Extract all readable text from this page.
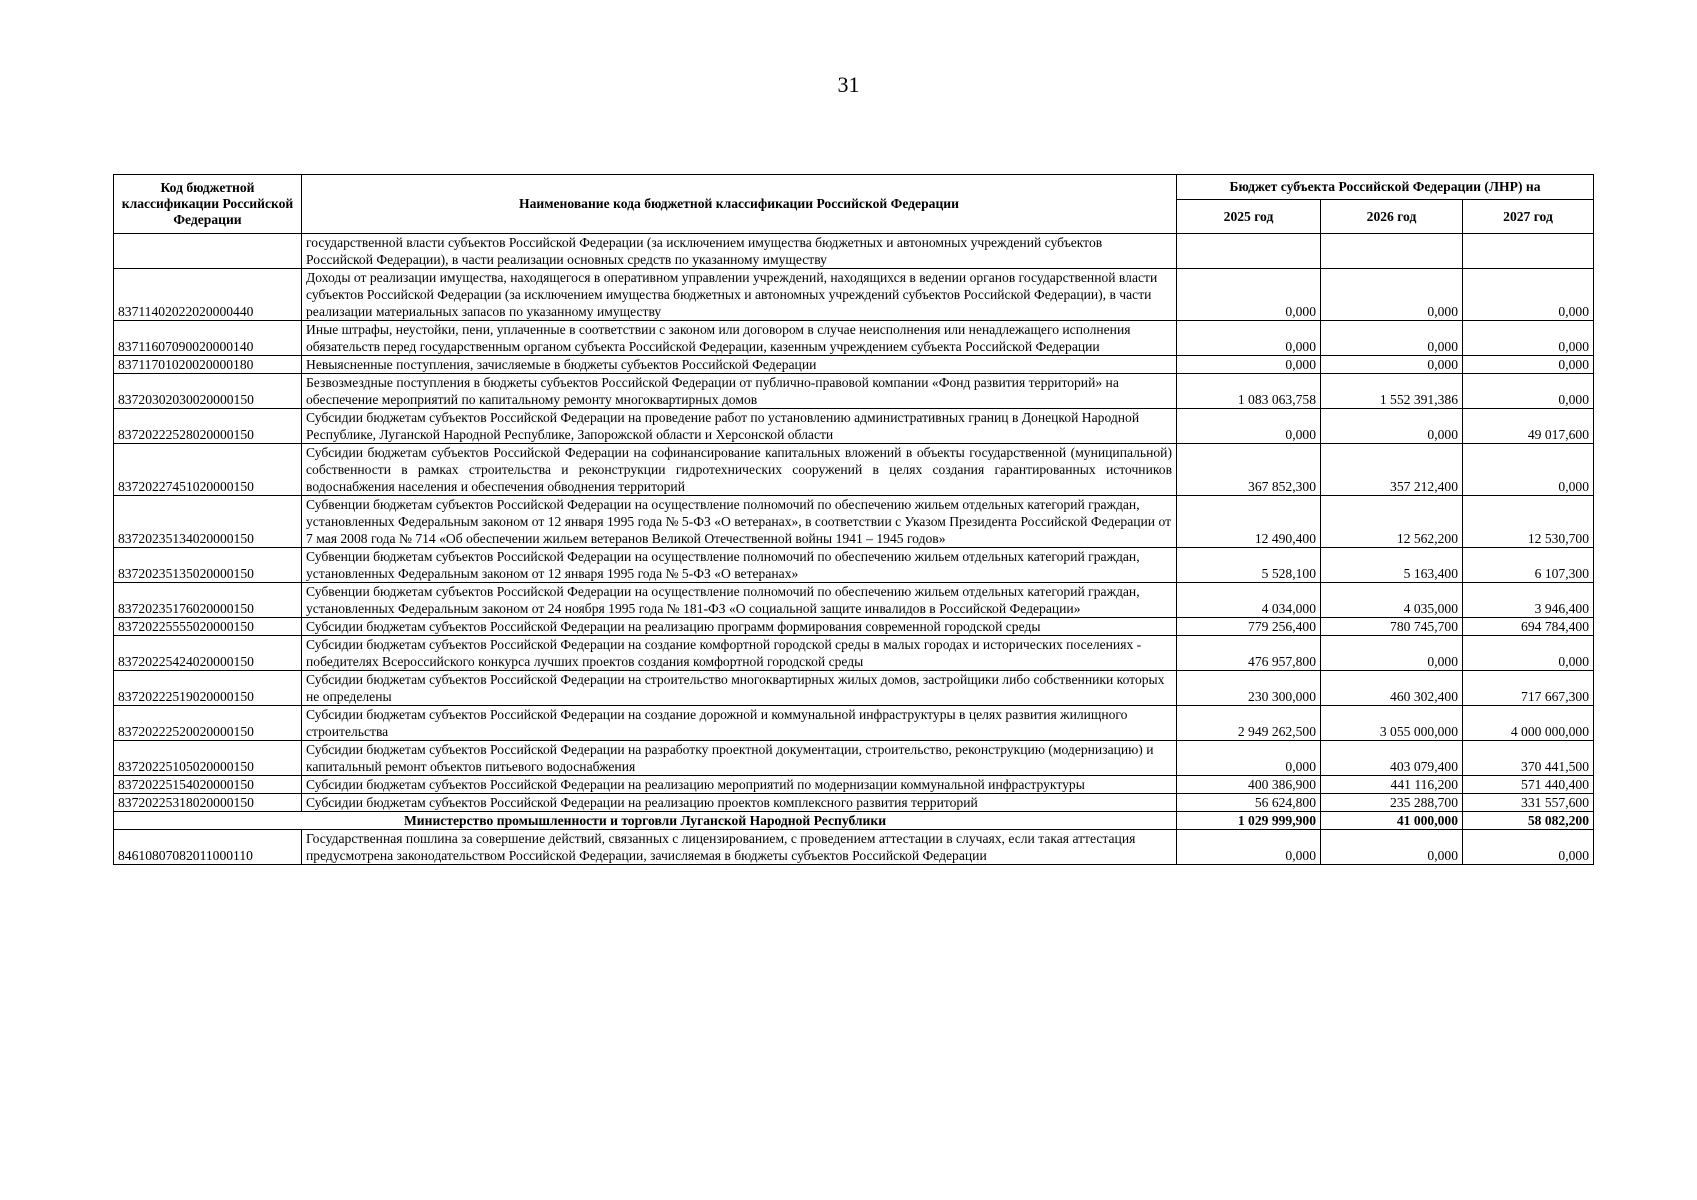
31
Код бюджетной классификации Российской Федерации	Наименование кода бюджетной классификации Российской Федерации	Бюджет субъекта Российской Федерации (ЛНР) на		
		2025 год	2026 год	2027 год
	государственной власти субъектов Российской Федерации (за исключением имущества бюджетных и автономных учреждений субъектов Российской Федерации), в части реализации основных средств по указанному имуществу			
83711402022020000440	Доходы от реализации имущества, находящегося в оперативном управлении учреждений, находящихся в ведении органов государственной власти субъектов Российской Федерации (за исключением имущества бюджетных и автономных учреждений субъектов Российской Федерации), в части реализации материальных запасов по указанному имуществу	0,000	0,000	0,000
83711607090020000140	Иные штрафы, неустойки, пени, уплаченные в соответствии с законом или договором в случае неисполнения или ненадлежащего исполнения обязательств перед государственным органом субъекта Российской Федерации, казенным учреждением субъекта Российской Федерации	0,000	0,000	0,000
83711701020020000180	Невыясненные поступления, зачисляемые в бюджеты субъектов Российской Федерации	0,000	0,000	0,000
83720302030020000150	Безвозмездные поступления в бюджеты субъектов Российской Федерации от публично-правовой компании «Фонд развития территорий» на обеспечение мероприятий по капитальному ремонту многоквартирных домов	1 083 063,758	1 552 391,386	0,000
83720222528020000150	Субсидии бюджетам субъектов Российской Федерации на проведение работ по установлению административных границ в Донецкой Народной Республике, Луганской Народной Республике, Запорожской области и Херсонской области	0,000	0,000	49 017,600
83720227451020000150	Субсидии бюджетам субъектов Российской Федерации на софинансирование капитальных вложений в объекты государственной (муниципальной) собственности в рамках строительства и реконструкции гидротехнических сооружений в целях создания гарантированных источников водоснабжения населения и обеспечения обводнения территорий	367 852,300	357 212,400	0,000
83720235134020000150	Субвенции бюджетам субъектов Российской Федерации на осуществление полномочий по обеспечению жильем отдельных категорий граждан, установленных Федеральным законом от 12 января 1995 года № 5-ФЗ «О ветеранах», в соответствии с Указом Президента Российской Федерации от 7 мая 2008 года № 714 «Об обеспечении жильем ветеранов Великой Отечественной войны 1941 – 1945 годов»	12 490,400	12 562,200	12 530,700
83720235135020000150	Субвенции бюджетам субъектов Российской Федерации на осуществление полномочий по обеспечению жильем отдельных категорий граждан, установленных Федеральным законом от 12 января 1995 года № 5-ФЗ «О ветеранах»	5 528,100	5 163,400	6 107,300
83720235176020000150	Субвенции бюджетам субъектов Российской Федерации на осуществление полномочий по обеспечению жильем отдельных категорий граждан, установленных Федеральным законом от 24 ноября 1995 года № 181-ФЗ «О социальной защите инвалидов в Российской Федерации»	4 034,000	4 035,000	3 946,400
83720225555020000150	Субсидии бюджетам субъектов Российской Федерации на реализацию программ формирования современной городской среды	779 256,400	780 745,700	694 784,400
83720225424020000150	Субсидии бюджетам субъектов Российской Федерации на создание комфортной городской среды в малых городах и исторических поселениях - победителях Всероссийского конкурса лучших проектов создания комфортной городской среды	476 957,800	0,000	0,000
83720222519020000150	Субсидии бюджетам субъектов Российской Федерации на строительство многоквартирных жилых домов, застройщики либо собственники которых не определены	230 300,000	460 302,400	717 667,300
83720222520020000150	Субсидии бюджетам субъектов Российской Федерации на создание дорожной и коммунальной инфраструктуры в целях развития жилищного строительства	2 949 262,500	3 055 000,000	4 000 000,000
83720225105020000150	Субсидии бюджетам субъектов Российской Федерации на разработку проектной документации, строительство, реконструкцию (модернизацию) и капитальный ремонт объектов питьевого водоснабжения	0,000	403 079,400	370 441,500
83720225154020000150	Субсидии бюджетам субъектов Российской Федерации на реализацию мероприятий по модернизации коммунальной инфраструктуры	400 386,900	441 116,200	571 440,400
83720225318020000150	Субсидии бюджетам субъектов Российской Федерации на реализацию проектов комплексного развития территорий	56 624,800	235 288,700	331 557,600
Министерство промышленности и торговли Луганской Народной Республики		1 029 999,900	41 000,000	58 082,200
84610807082011000110	Государственная пошлина за совершение действий, связанных с лицензированием, с проведением аттестации в случаях, если такая аттестация предусмотрена законодательством Российской Федерации, зачисляемая в бюджеты субъектов Российской Федерации	0,000	0,000	0,000
